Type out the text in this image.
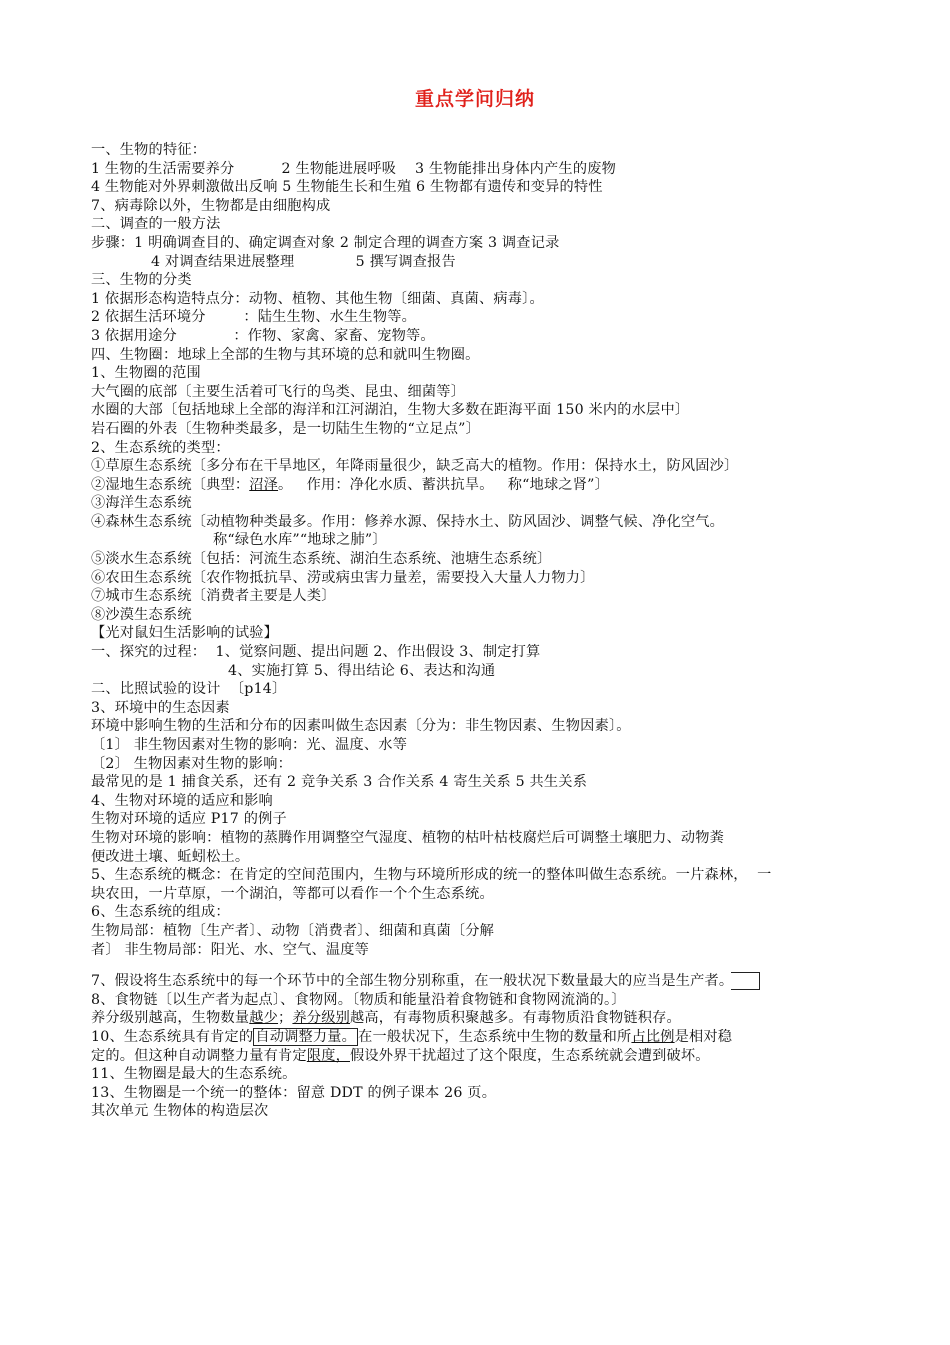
重点学问归纳
一、生物的特征：
1 生物的生活需要养分          2 生物能进展呼吸    3 生物能排出身体内产生的废物
4 生物能对外界刺激做出反响 5 生物能生长和生殖 6 生物都有遗传和变异的特性
7、病毒除以外，生物都是由细胞构成
二、调查的一般方法
步骤：1 明确调查目的、确定调查对象 2 制定合理的调查方案 3 调查记录
4 对调查结果进展整理             5 撰写调查报告
三、生物的分类
1 依据形态构造特点分：动物、植物、其他生物〔细菌、真菌、病毒〕。
2 依据生活环境分        ：陆生生物、水生生物等。
3 依据用途分            ：作物、家禽、家畜、宠物等。
四、生物圈：地球上全部的生物与其环境的总和就叫生物圈。
1、生物圈的范围
大气圈的底部〔主要生活着可飞行的鸟类、昆虫、细菌等〕
水圈的大部〔包括地球上全部的海洋和江河湖泊，生物大多数在距海平面 150 米内的水层中〕
岩石圈的外表〔生物种类最多，是一切陆生生物的“立足点”〕
2、生态系统的类型：
①草原生态系统〔多分布在干旱地区，年降雨量很少，缺乏高大的植物。作用：保持水土，防风固沙〕
②湿地生态系统〔典型：沼泽。   作用：净化水质、蓄洪抗旱。   称“地球之肾”〕
③海洋生态系统
④森林生态系统〔动植物种类最多。作用：修养水源、保持水土、防风固沙、调整气候、净化空气。
称“绿色水库”“地球之肺”〕
⑤淡水生态系统〔包括：河流生态系统、湖泊生态系统、池塘生态系统〕
⑥农田生态系统〔农作物抵抗旱、涝或病虫害力量差，需要投入大量人力物力〕
⑦城市生态系统〔消费者主要是人类〕
⑧沙漠生态系统
【光对鼠妇生活影响的试验】
一、探究的过程：  1、觉察问题、提出问题 2、作出假设 3、制定打算
4、实施打算 5、得出结论 6、表达和沟通
二、比照试验的设计  〔p14〕
3、环境中的生态因素
环境中影响生物的生活和分布的因素叫做生态因素〔分为：非生物因素、生物因素〕。
〔1〕 非生物因素对生物的影响：光、温度、水等
〔2〕 生物因素对生物的影响：
最常见的是 1 捕食关系，还有 2 竞争关系 3 合作关系 4 寄生关系 5 共生关系
4、生物对环境的适应和影响
生物对环境的适应 P17 的例子
生物对环境的影响：植物的蒸腾作用调整空气湿度、植物的枯叶枯枝腐烂后可调整土壤肥力、动物粪
便改进土壤、蚯蚓松土。
5、生态系统的概念：在肯定的空间范围内，生物与环境所形成的统一的整体叫做生态系统。一片森林，  一
块农田，一片草原，一个湖泊，等都可以看作一个个生态系统。
6、生态系统的组成：
生物局部：植物〔生产者〕、动物〔消费者〕、细菌和真菌〔分解
者〕 非生物局部：阳光、水、空气、温度等
7、假设将生态系统中的每一个环节中的全部生物分别称重，在一般状况下数量最大的应当是生产者。
8、食物链〔以生产者为起点〕、食物网。〔物质和能量沿着食物链和食物网流淌的。〕
养分级别越高，生物数量越少；养分级别越高，有毒物质积聚越多。有毒物质沿食物链积存。
10、生态系统具有肯定的 自动调整力量。 在一般状况下，生态系统中生物的数量和所占比例是相对稳
定的。但这种自动调整力量有肯定限度，假设外界干扰超过了这个限度，生态系统就会遭到破坏。
11、生物圈是最大的生态系统。
13、生物圈是一个统一的整体：留意 DDT 的例子课本 26 页。
其次单元 生物体的构造层次
